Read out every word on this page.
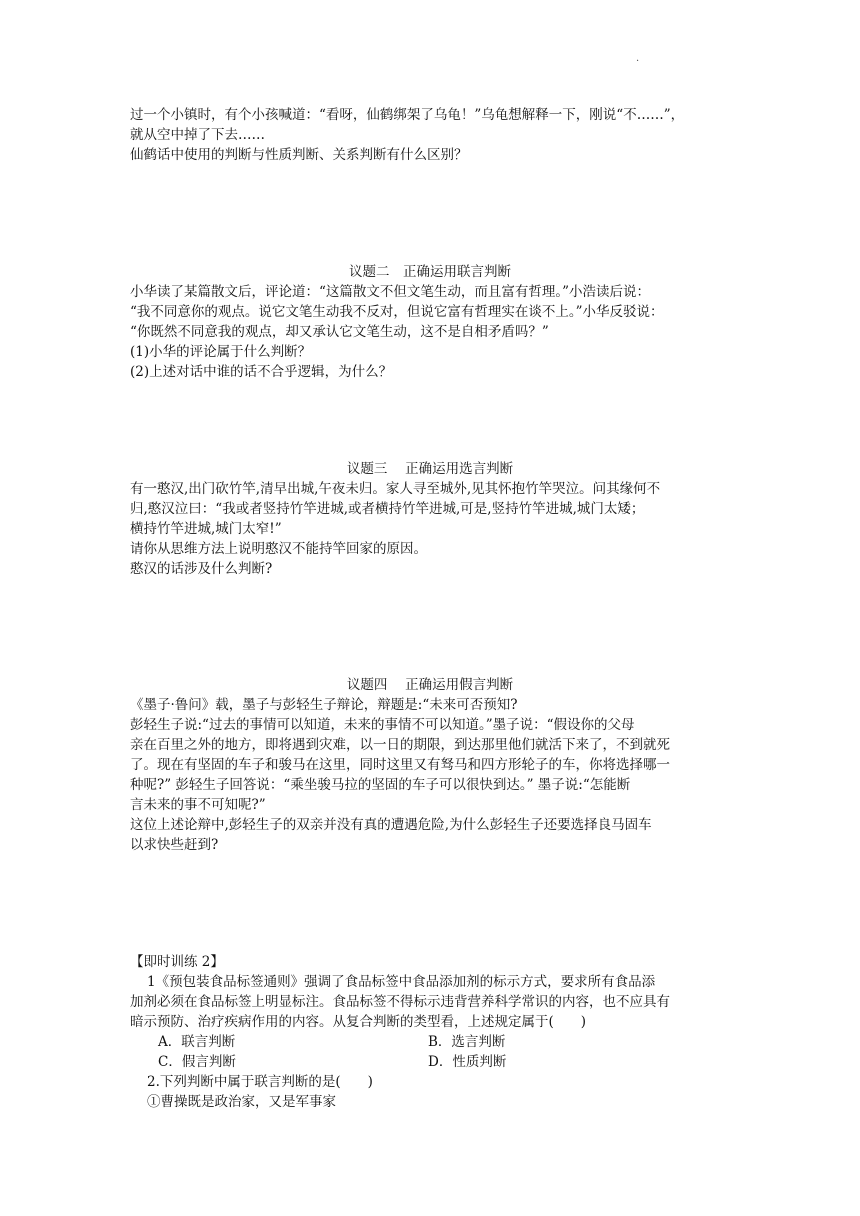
·
过一个小镇时，有个小孩喊道：“看呀，仙鹤绑架了乌龟！”乌龟想解释一下，刚说“不……”，
就从空中掉了下去……
仙鹤话中使用的判断与性质判断、关系判断有什么区别？
议题二　正确运用联言判断
小华读了某篇散文后，评论道：“这篇散文不但文笔生动，而且富有哲理。”小浩读后说：
“我不同意你的观点。说它文笔生动我不反对，但说它富有哲理实在谈不上。”小华反驳说：
“你既然不同意我的观点，却又承认它文笔生动，这不是自相矛盾吗？”
(1)小华的评论属于什么判断？
(2)上述对话中谁的话不合乎逻辑，为什么？
议题三　 正确运用选言判断
有一憨汉,出门砍竹竿,清早出城,午夜未归。家人寻至城外,见其怀抱竹竿哭泣。问其缘何不
归,憨汉泣曰：“我或者竖持竹竿进城,或者横持竹竿进城,可是,竖持竹竿进城,城门太矮；
横持竹竿进城,城门太窄!”
请你从思维方法上说明憨汉不能持竿回家的原因。
憨汉的话涉及什么判断?
议题四　 正确运用假言判断
《墨子·鲁问》载，墨子与彭轻生子辩论，辩题是:“未来可否预知?
彭轻生子说:“过去的事情可以知道，未来的事情不可以知道。”墨子说：“假设你的父母
亲在百里之外的地方，即将遇到灾难，以一日的期限，到达那里他们就活下来了，不到就死
了。现在有坚固的车子和骏马在这里，同时这里又有驽马和四方形轮子的车，你将选择哪一
种呢?” 彭轻生子回答说：“乘坐骏马拉的坚固的车子可以很快到达。” 墨子说:“怎能断
言未来的事不可知呢?”
这位上述论辩中,彭轻生子的双亲并没有真的遭遇危险,为什么彭轻生子还要选择良马固车
以求快些赶到?
【即时训练 2】
1《预包装食品标签通则》强调了食品标签中食品添加剂的标示方式，要求所有食品添
加剂必须在食品标签上明显标注。食品标签不得标示违背营养科学常识的内容，也不应具有
暗示预防、治疗疾病作用的内容。从复合判断的类型看，上述规定属于(　　)
A．联言判断	B．选言判断
C．假言判断	D．性质判断
2.下列判断中属于联言判断的是(　　)
①曹操既是政治家，又是军事家
